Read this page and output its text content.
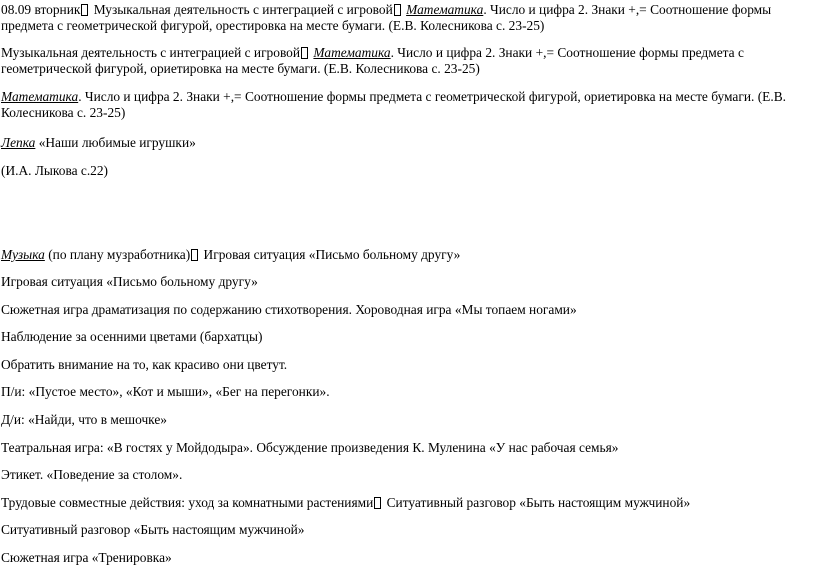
08.09 вторник Музыкальная деятельность с интеграцией с игровой Математика. Число и цифра 2. Знаки +,= Соотношение формы предмета с геометрической фигурой, орестировка на месте бумаги. (Е.В. Колесникова с. 23-25)

Музыкальная деятельность с интеграцией с игровой Математика. Число и цифра 2. Знаки +,= Соотношение формы предмета с геометрической фигурой, ориетировка на месте бумаги. (Е.В. Колесникова с. 23-25)

Математика. Число и цифра 2. Знаки +,= Соотношение формы предмета с геометрической фигурой, ориетировка на месте бумаги. (Е.В. Колесникова с. 23-25)

Лепка «Наши любимые игрушки»

(И.А. Лыкова с.22)

Музыка (по плану музработника) Игровая ситуация «Письмо больному другу»

Игровая ситуация «Письмо больному другу»

Сюжетная игра драматизация по содержанию стихотворения. Хороводная игра «Мы топаем ногами»

Наблюдение за осенними цветами (бархатцы)

Обратить внимание на то, как красиво они цветут.

П/и: «Пустое место», «Кот и мыши», «Бег на перегонки».

Д/и: «Найди, что в мешочке»

Театральная игра: «В гостях у Мойдодыра». Обсуждение произведения К. Муленина «У нас рабочая семья»

Этикет. «Поведение за столом».

Трудовые совместные действия: уход за комнатными растениями Ситуативный разговор «Быть настоящим мужчиной»

Ситуативный разговор «Быть настоящим мужчиной»

Сюжетная игра «Тренировка»
